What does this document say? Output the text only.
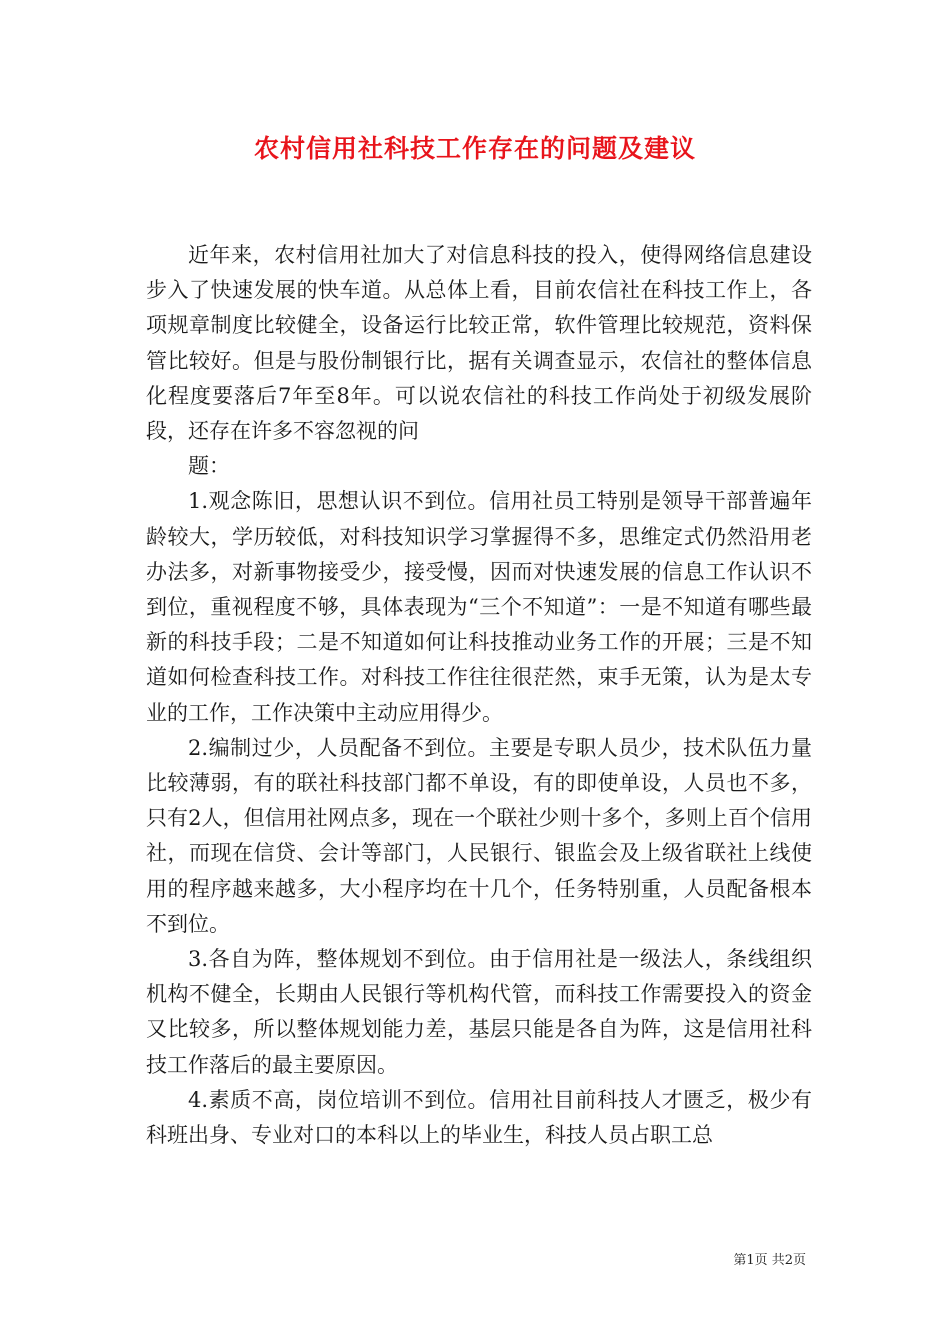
农村信用社科技工作存在的问题及建议

近年来，农村信用社加大了对信息科技的投入，使得网络信息建设步入了快速发展的快车道。从总体上看，目前农信社在科技工作上，各项规章制度比较健全，设备运行比较正常，软件管理比较规范，资料保管比较好。但是与股份制银行比，据有关调查显示，农信社的整体信息化程度要落后7年至8年。可以说农信社的科技工作尚处于初级发展阶段，还存在许多不容忽视的问

题：

1.观念陈旧，思想认识不到位。信用社员工特别是领导干部普遍年龄较大，学历较低，对科技知识学习掌握得不多，思维定式仍然沿用老办法多，对新事物接受少，接受慢，因而对快速发展的信息工作认识不到位，重视程度不够，具体表现为“三个不知道”：一是不知道有哪些最新的科技手段；二是不知道如何让科技推动业务工作的开展；三是不知道如何检查科技工作。对科技工作往往很茫然，束手无策，认为是太专业的工作，工作决策中主动应用得少。

2.编制过少，人员配备不到位。主要是专职人员少，技术队伍力量比较薄弱，有的联社科技部门都不单设，有的即使单设，人员也不多，只有2人，但信用社网点多，现在一个联社少则十多个，多则上百个信用社，而现在信贷、会计等部门，人民银行、银监会及上级省联社上线使用的程序越来越多，大小程序均在十几个，任务特别重，人员配备根本不到位。

3.各自为阵，整体规划不到位。由于信用社是一级法人，条线组织机构不健全，长期由人民银行等机构代管，而科技工作需要投入的资金又比较多，所以整体规划能力差，基层只能是各自为阵，这是信用社科技工作落后的最主要原因。

4.素质不高，岗位培训不到位。信用社目前科技人才匮乏，极少有科班出身、专业对口的本科以上的毕业生，科技人员占职工总

第1页 共2页
